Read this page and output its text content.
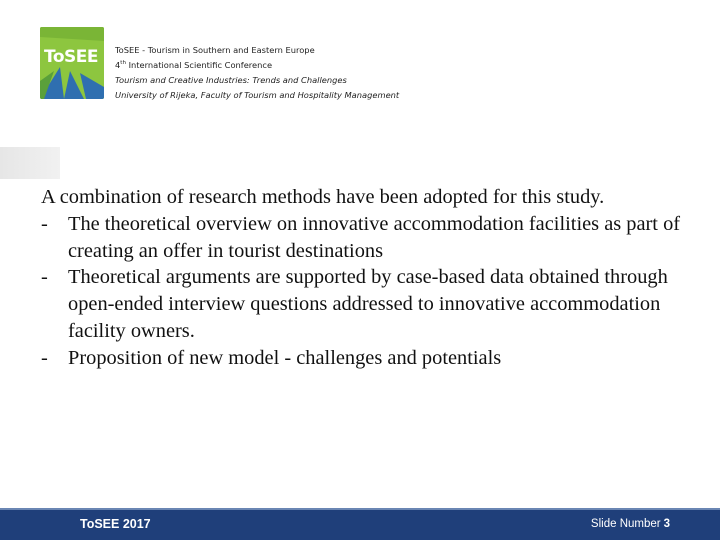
ToSEE ToSEE - Tourism in Southern and Eastern Europe
4th International Scientific Conference
Tourism and Creative Industries: Trends and Challenges
University of Rijeka, Faculty of Tourism and Hospitality Management

A combination of research methods have been adopted for this study.

- The theoretical overview on innovative accommodation facilities as part of creating an offer in tourist destinations
- Theoretical arguments are supported by case-based data obtained through open-ended interview questions addressed to innovative accommodation facility owners.
- Proposition of new model - challenges and potentials
ToSEE 2017	Slide Number 3
